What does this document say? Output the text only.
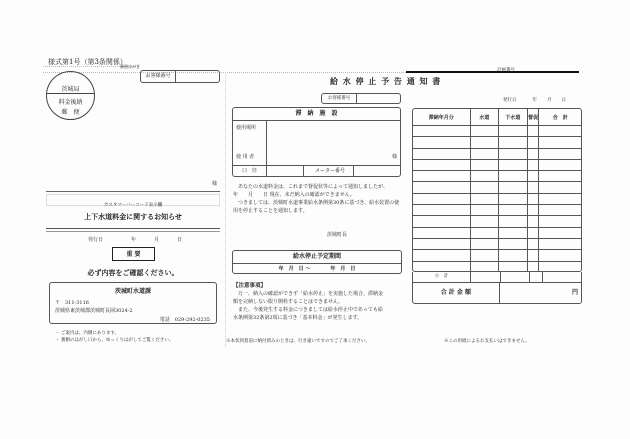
様式第1号（第3条関係）
郵便はがき
お客様番号
茨城局
料金後納
郵　便
様
カスタマーバーコード表示欄
上下水道料金に関するお知らせ
発行日	年	月	日
重 要
必ず内容をご確認ください。
茨城町水道課
〒　311-3116
茨城県東茨城郡茨城町長岡3024-2
電話　029-292-0235
・ ご案内は、内側にあります。
・ 裏側のはがし口から、ゆっくりはがしてご覧ください。
給 水 停 止 予 告 通 知 書
お客様番号
滞　納　施　設
使用場所
使 用 者	様
口　径	メーター番号
　あなたの水道料金は、これまで督促状等によって通知しましたが、　　　年　　月　　日 現在、未だ納入の確認ができません。
　つきましては、茨城町水道事業給水条例第30条に基づき、給水装置の使用を停止することを通知します。
茨城町長
給水停止予定期間
年　月　日 ～　　　　年　月　日
【注意事項】
　万一、納入の確認ができず「給水停止」を実施した場合、滞納金額を完納しない限り開栓することはできません。
　また、今後発生する料金につきましては給水停止中であっても給水条例第32条第2項に基づき「基本料金」が発生します。
※本状到着前に納付済みのときは、行き違いですのでご了承ください。
計画番号
発行日	年 月 日
滞納年月分	水道	下水道	督促	合　計

小　計
合 計 金 額	円
※この用紙によるお支払いはできません。
